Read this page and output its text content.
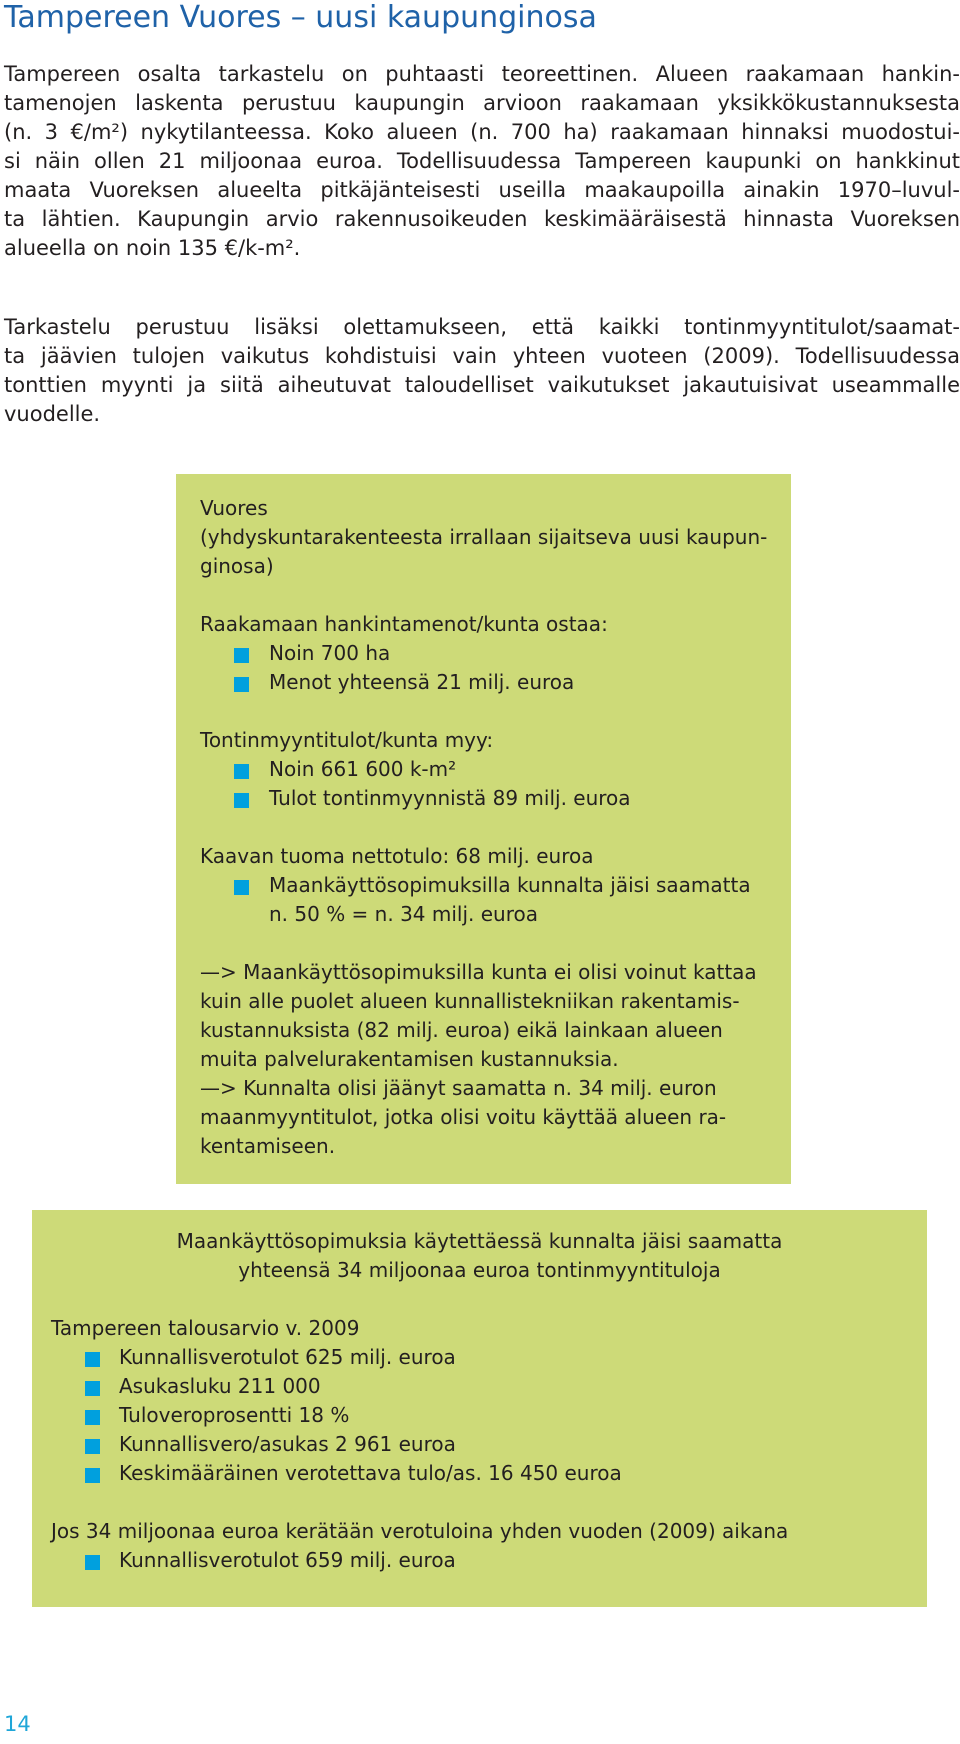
Tampereen Vuores – uusi kaupunginosa

Tampereen osalta tarkastelu on puhtaasti teoreettinen. Alueen raakamaan hankin-
tamenojen laskenta perustuu kaupungin arvioon raakamaan yksikkökustannuksesta
(n. 3 €/m²) nykytilanteessa. Koko alueen (n. 700 ha) raakamaan hinnaksi muodostui-
si näin ollen 21 miljoonaa euroa. Todellisuudessa Tampereen kaupunki on hankkinut
maata Vuoreksen alueelta pitkäjänteisesti useilla maakaupoilla ainakin 1970–luvul-
ta lähtien. Kaupungin arvio rakennusoikeuden keskimääräisestä hinnasta Vuoreksen
alueella on noin 135 €/k-m².

Tarkastelu perustuu lisäksi olettamukseen, että kaikki tontinmyyntitulot/saamat-
ta jäävien tulojen vaikutus kohdistuisi vain yhteen vuoteen (2009). Todellisuudessa
tonttien myynti ja siitä aiheutuvat taloudelliset vaikutukset jakautuisivat useammalle
vuodelle.

Vuores
(yhdyskuntarakenteesta irrallaan sijaitseva uusi kaupun-
ginosa)
Raakamaan hankintamenot/kunta ostaa:
Noin 700 ha
Menot yhteensä 21 milj. euroa
Tontinmyyntitulot/kunta myy:
Noin 661 600 k-m²
Tulot tontinmyynnistä 89 milj. euroa
Kaavan tuoma nettotulo: 68 milj. euroa
Maankäyttösopimuksilla kunnalta jäisi saamatta
n. 50 % = n. 34 milj. euroa
—> Maankäyttösopimuksilla kunta ei olisi voinut kattaa
kuin alle puolet alueen kunnallistekniikan rakentamis-
kustannuksista (82 milj. euroa) eikä lainkaan alueen
muita palvelurakentamisen kustannuksia.
—> Kunnalta olisi jäänyt saamatta n. 34 milj. euron
maanmyyntitulot, jotka olisi voitu käyttää alueen ra-
kentamiseen.
Maankäyttösopimuksia käytettäessä kunnalta jäisi saamatta
yhteensä 34 miljoonaa euroa tontinmyyntituloja
Tampereen talousarvio v. 2009
Kunnallisverotulot 625 milj. euroa
Asukasluku 211 000
Tuloveroprosentti 18 %
Kunnallisvero/asukas 2 961 euroa
Keskimääräinen verotettava tulo/as. 16 450 euroa
Jos 34 miljoonaa euroa kerätään verotuloina yhden vuoden (2009) aikana
Kunnallisverotulot 659 milj. euroa
14
